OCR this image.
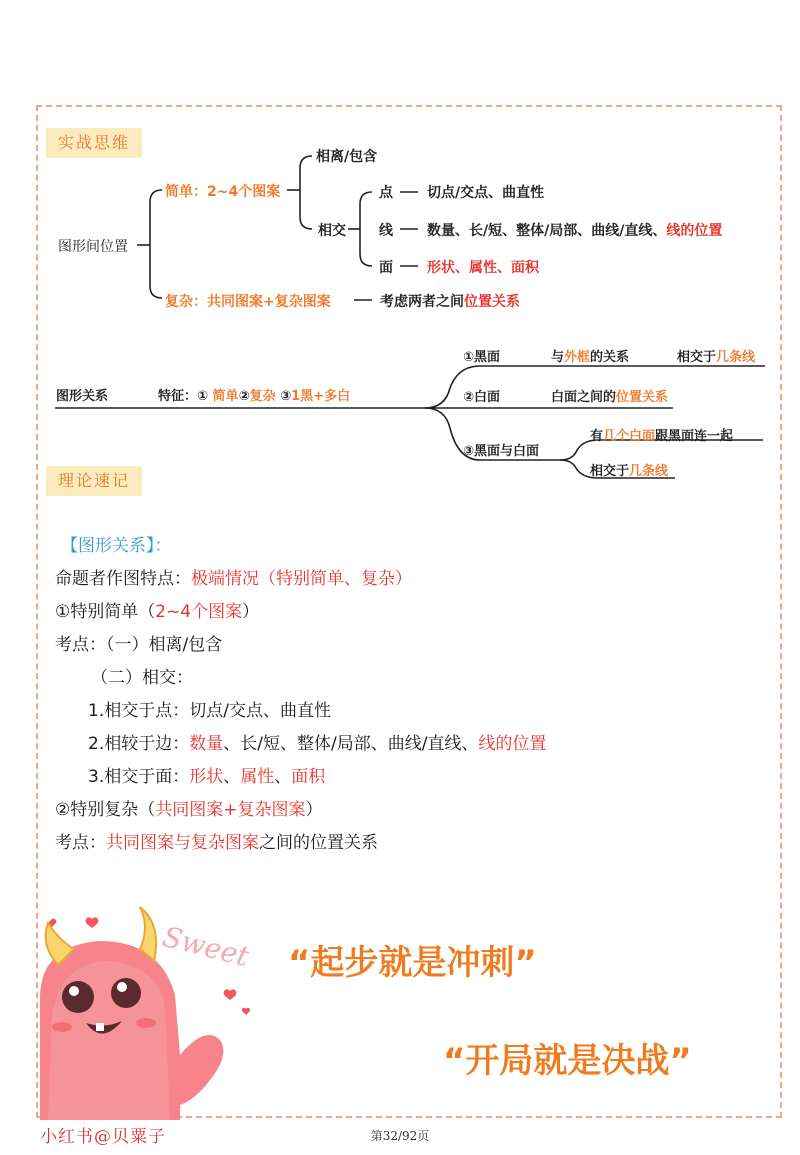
实战思维
图形间位置
简单：2~4个图案
相离/包含
相交
点 切点/交点、曲直性
线 数量、长/短、整体/局部、曲线/直线、线的位置
面 形状、属性、面积
复杂：共同图案+复杂图案	考虑两者之间位置关系
图形关系	特征：① 简单②复杂 ③1黑+多白
①黑面	与外框的关系	相交于几条线
②白面	白面之间的位置关系
③黑面与白面
有几个白面跟黑面连一起
相交于几条线
理论速记
【图形关系】：
命题者作图特点：极端情况（特别简单、复杂）
①特别简单（2~4个图案）
考点：（一）相离/包含
（二）相交：
1.相交于点：切点/交点、曲直性
2.相较于边：数量、长/短、整体/局部、曲线/直线、线的位置
3.相交于面：形状、属性、面积
②特别复杂（共同图案+复杂图案）
考点：共同图案与复杂图案之间的位置关系
Sweet “起步就是冲刺”
“开局就是决战”
小红书@贝粟子	第32/92页
